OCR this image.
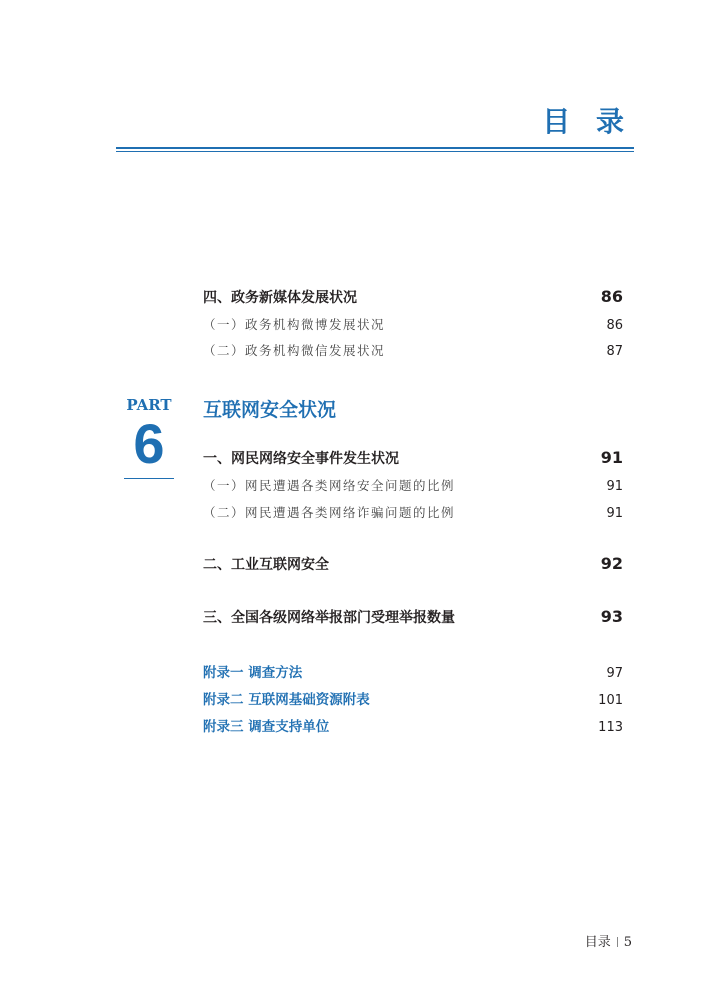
目 录
四、政务新媒体发展状况	86
（一）政务机构微博发展状况	86
（二）政务机构微信发展状况	87
PART
6
互联网安全状况
一、网民网络安全事件发生状况	91
（一）网民遭遇各类网络安全问题的比例	91
（二）网民遭遇各类网络诈骗问题的比例	91
二、工业互联网安全	92
三、全国各级网络举报部门受理举报数量	93
附录一 调查方法	97
附录二 互联网基础资源附表	101
附录三 调查支持单位	113
目录 5
